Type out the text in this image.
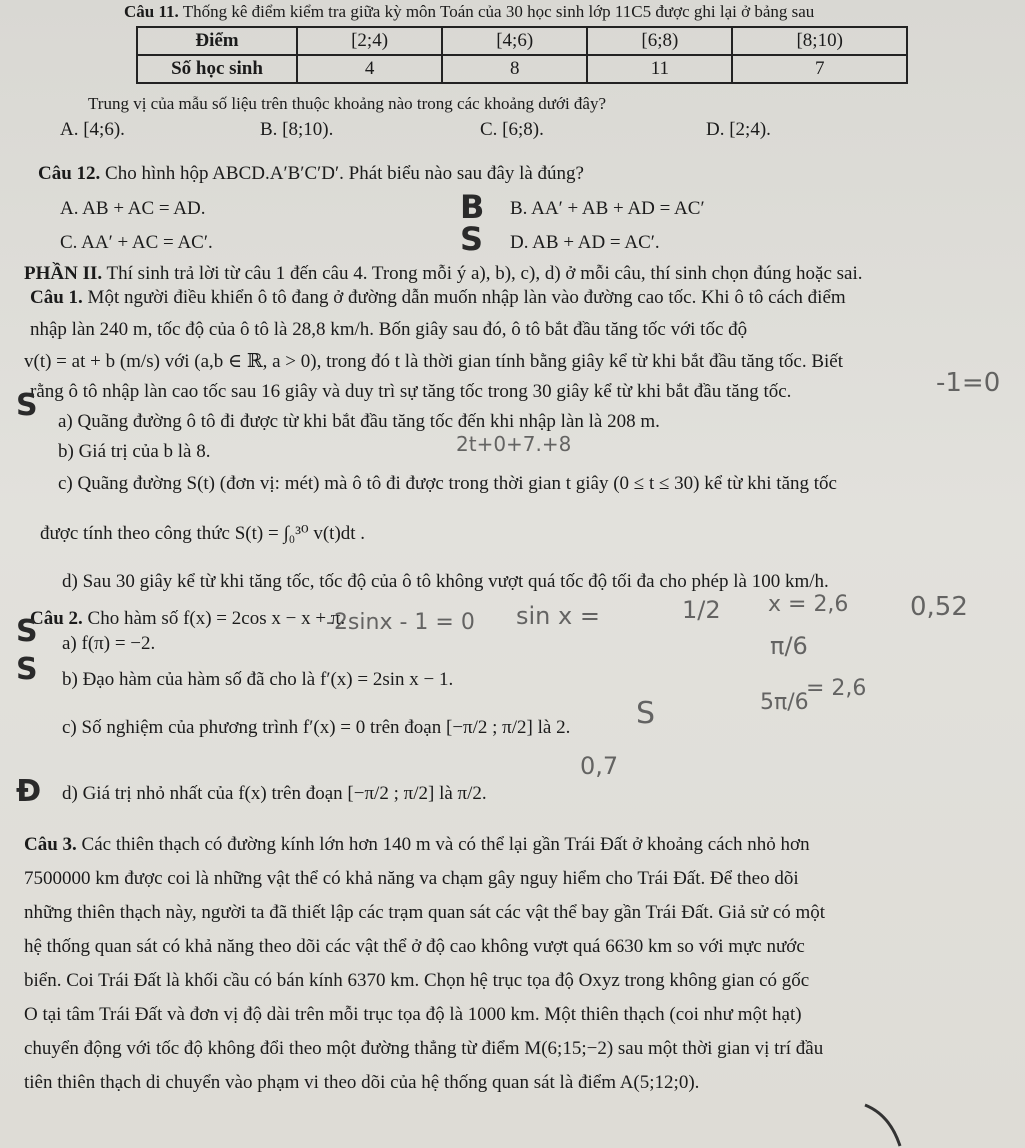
Câu 11. Thống kê điểm kiểm tra giữa kỳ môn Toán của 30 học sinh lớp 11C5 được ghi lại ở bảng sau
Điểm	[2;4)	[4;6)	[6;8)	[8;10)
Số học sinh	4	8	11	7
Trung vị của mẫu số liệu trên thuộc khoảng nào trong các khoảng dưới đây?
A. [4;6).	B. [8;10).	C. [6;8).	D. [2;4).
Câu 12. Cho hình hộp ABCD.A′B′C′D′. Phát biểu nào sau đây là đúng?
A. AB + AC = AD.	B. AA′ + AB + AD = AC′
C. AA′ + AC = AC′.	D. AB + AD = AC′.
PHẦN II. Thí sinh trả lời từ câu 1 đến câu 4. Trong mỗi ý a), b), c), d) ở mỗi câu, thí sinh chọn đúng hoặc sai.
Câu 1. Một người điều khiển ô tô đang ở đường dẫn muốn nhập làn vào đường cao tốc. Khi ô tô cách điểm
nhập làn 240 m, tốc độ của ô tô là 28,8 km/h. Bốn giây sau đó, ô tô bắt đầu tăng tốc với tốc độ
v(t) = at + b (m/s) với (a,b ∈ ℝ, a > 0), trong đó t là thời gian tính bằng giây kể từ khi bắt đầu tăng tốc. Biết
rằng ô tô nhập làn cao tốc sau 16 giây và duy trì sự tăng tốc trong 30 giây kể từ khi bắt đầu tăng tốc.
a) Quãng đường ô tô đi được từ khi bắt đầu tăng tốc đến khi nhập làn là 208 m.
b) Giá trị của b là 8.
c) Quãng đường S(t) (đơn vị: mét) mà ô tô đi được trong thời gian t giây (0 ≤ t ≤ 30) kể từ khi tăng tốc
được tính theo công thức S(t) = ∫₀³⁰ v(t)dt .
d) Sau 30 giây kể từ khi tăng tốc, tốc độ của ô tô không vượt quá tốc độ tối đa cho phép là 100 km/h.
Câu 2. Cho hàm số f(x) = 2cos x − x + π.
a) f(π) = −2.
b) Đạo hàm của hàm số đã cho là f′(x) = 2sin x − 1.
c) Số nghiệm của phương trình f′(x) = 0 trên đoạn [−π/2 ; π/2] là 2.
d) Giá trị nhỏ nhất của f(x) trên đoạn [−π/2 ; π/2] là π/2.
Câu 3. Các thiên thạch có đường kính lớn hơn 140 m và có thể lại gần Trái Đất ở khoảng cách nhỏ hơn
7500000 km được coi là những vật thể có khả năng va chạm gây nguy hiểm cho Trái Đất. Để theo dõi
những thiên thạch này, người ta đã thiết lập các trạm quan sát các vật thể bay gần Trái Đất. Giả sử có một
hệ thống quan sát có khả năng theo dõi các vật thể ở độ cao không vượt quá 6630 km so với mực nước
biển. Coi Trái Đất là khối cầu có bán kính 6370 km. Chọn hệ trục tọa độ Oxyz trong không gian có gốc
O tại tâm Trái Đất và đơn vị độ dài trên mỗi trục tọa độ là 1000 km. Một thiên thạch (coi như một hạt)
chuyển động với tốc độ không đổi theo một đường thẳng từ điểm M(6;15;−2) sau một thời gian vị trí đầu
tiên thiên thạch di chuyển vào phạm vi theo dõi của hệ thống quan sát là điểm A(5;12;0).
-1=0
2t+0+7.+8
-2sinx - 1 = 0 sin x =	1/2
π/6
x = 2,6 0,52
5π/6
= 2,6
0,7
S
S
S
S
Đ
B
S
